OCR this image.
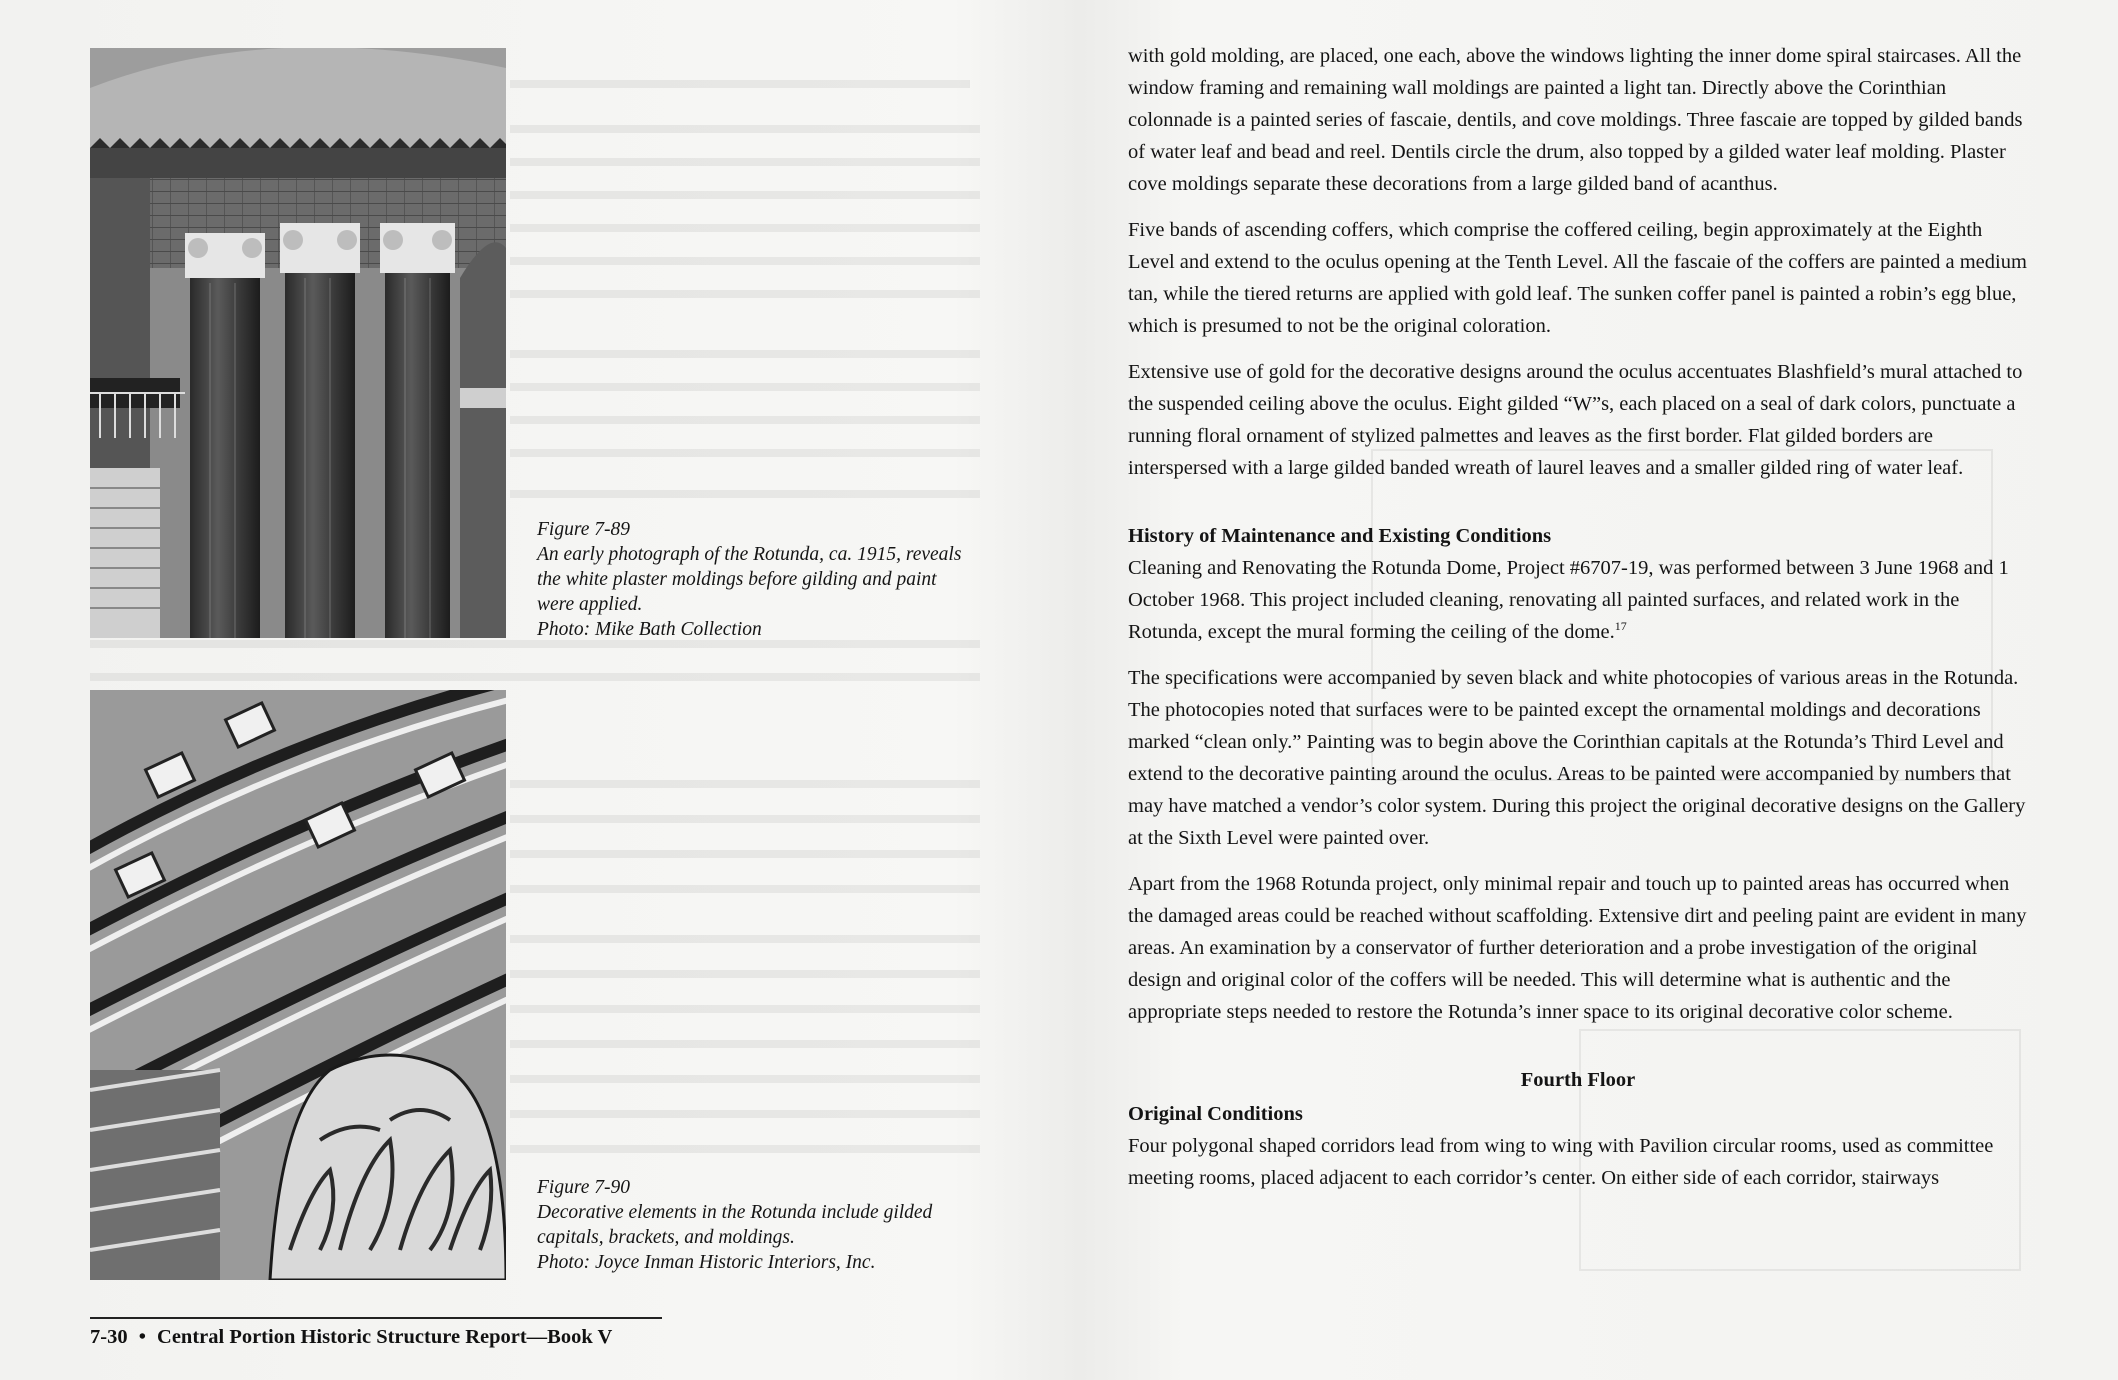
Figure 7-89
An early photograph of the Rotunda, ca. 1915, reveals the white plaster moldings before gilding and paint were applied.
Photo: Mike Bath Collection
Figure 7-90
Decorative elements in the Rotunda include gilded capitals, brackets, and moldings.
Photo: Joyce Inman Historic Interiors, Inc.
7-30 • Central Portion Historic Structure Report—Book V

with gold molding, are placed, one each, above the windows lighting the inner dome spiral staircases. All the window framing and remaining wall moldings are painted a light tan. Directly above the Corinthian colonnade is a painted series of fascaie, dentils, and cove moldings. Three fascaie are topped by gilded bands of water leaf and bead and reel. Dentils circle the drum, also topped by a gilded water leaf molding. Plaster cove moldings separate these decorations from a large gilded band of acanthus.

Five bands of ascending coffers, which comprise the coffered ceiling, begin approximately at the Eighth Level and extend to the oculus opening at the Tenth Level. All the fascaie of the coffers are painted a medium tan, while the tiered returns are applied with gold leaf. The sunken coffer panel is painted a robin’s egg blue, which is presumed to not be the original coloration.

Extensive use of gold for the decorative designs around the oculus accentuates Blashfield’s mural attached to the suspended ceiling above the oculus. Eight gilded “W”s, each placed on a seal of dark colors, punctuate a running floral ornament of stylized palmettes and leaves as the first border. Flat gilded borders are interspersed with a large gilded banded wreath of laurel leaves and a smaller gilded ring of water leaf.

History of Maintenance and Existing Conditions

Cleaning and Renovating the Rotunda Dome, Project #6707-19, was performed between 3 June 1968 and 1 October 1968. This project included cleaning, renovating all painted surfaces, and related work in the Rotunda, except the mural forming the ceiling of the dome.$^{17}$

The specifications were accompanied by seven black and white photocopies of various areas in the Rotunda. The photocopies noted that surfaces were to be painted except the ornamental moldings and decorations marked “clean only.” Painting was to begin above the Corinthian capitals at the Rotunda’s Third Level and extend to the decorative painting around the oculus. Areas to be painted were accompanied by numbers that may have matched a vendor’s color system. During this project the original decorative designs on the Gallery at the Sixth Level were painted over.

Apart from the 1968 Rotunda project, only minimal repair and touch up to painted areas has occurred when the damaged areas could be reached without scaffolding. Extensive dirt and peeling paint are evident in many areas. An examination by a conservator of further deterioration and a probe investigation of the original design and original color of the coffers will be needed. This will determine what is authentic and the appropriate steps needed to restore the Rotunda’s inner space to its original decorative color scheme.

Fourth Floor
Original Conditions

Four polygonal shaped corridors lead from wing to wing with Pavilion circular rooms, used as committee meeting rooms, placed adjacent to each corridor’s center. On either side of each corridor, stairways
